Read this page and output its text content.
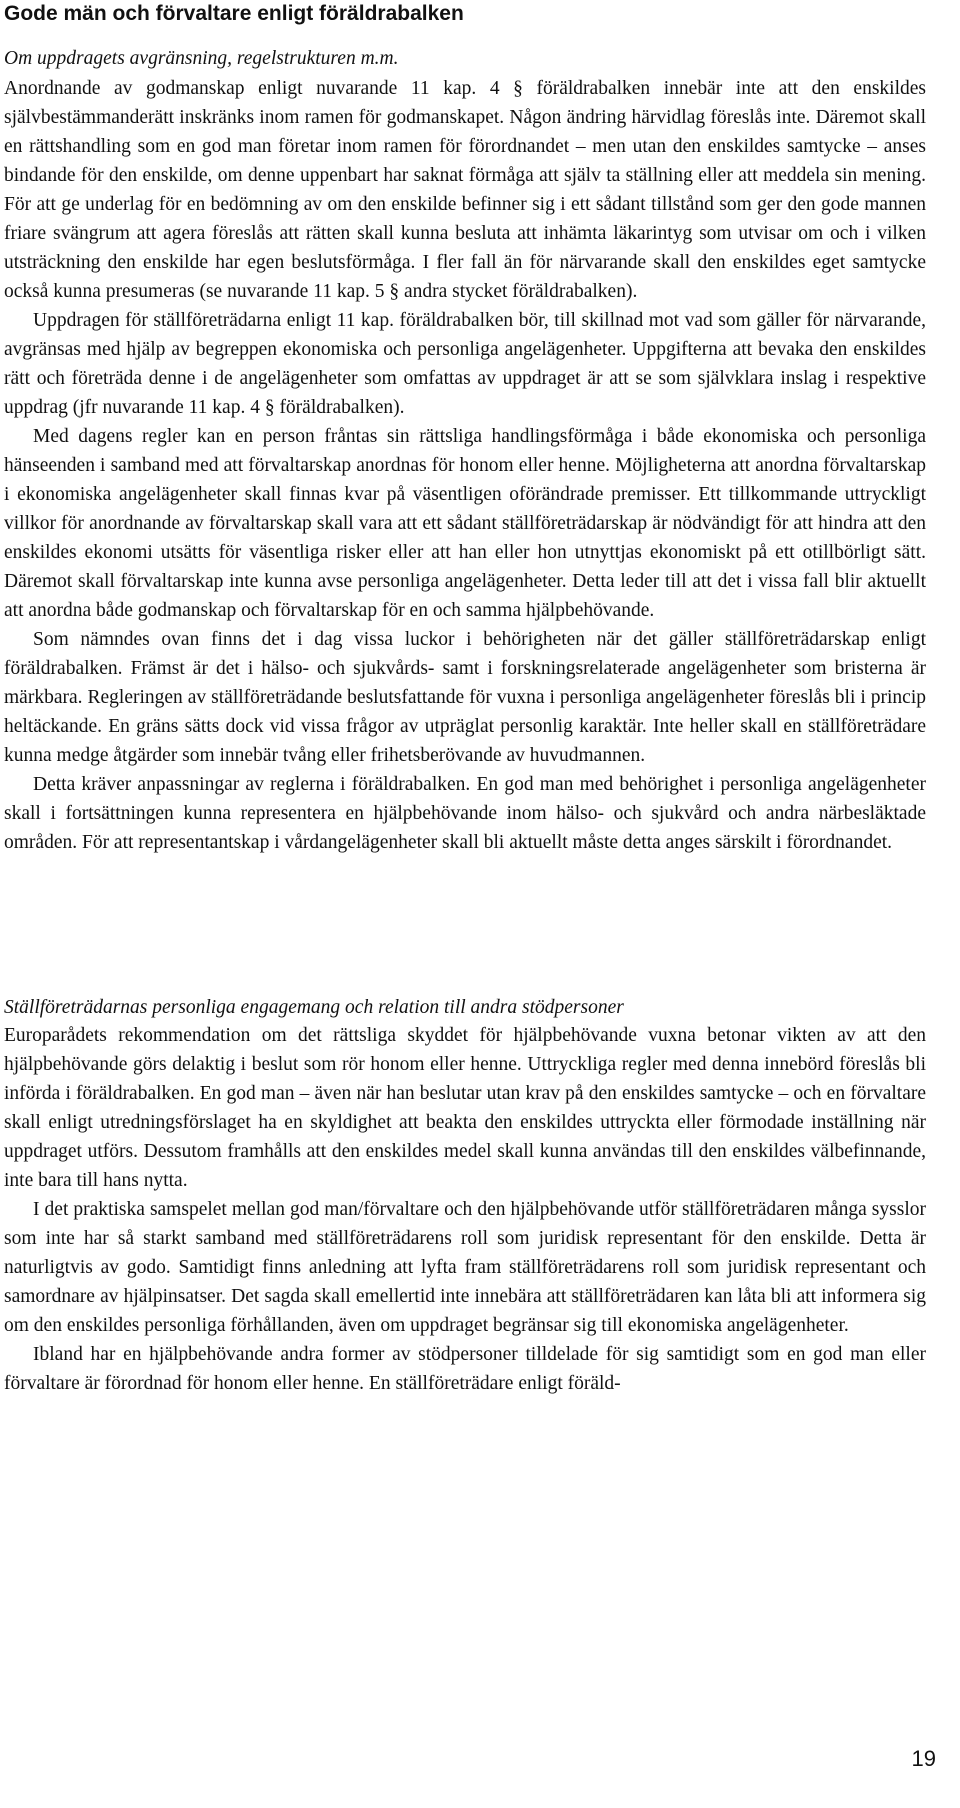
Gode män och förvaltare enligt föräldrabalken
Om uppdragets avgränsning, regelstrukturen m.m.

Anordnande av godmanskap enligt nuvarande 11 kap. 4 § föräldrabalken innebär inte att den enskildes självbestämmanderätt inskränks inom ramen för godmanskapet. Någon ändring härvidlag föreslås inte. Däremot skall en rättshandling som en god man företar inom ramen för förordnandet – men utan den enskildes samtycke – anses bindande för den enskilde, om denne uppenbart har saknat förmåga att själv ta ställning eller att meddela sin mening. För att ge underlag för en bedömning av om den enskilde befinner sig i ett sådant tillstånd som ger den gode mannen friare svängrum att agera föreslås att rätten skall kunna besluta att inhämta läkarintyg som utvisar om och i vilken utsträckning den enskilde har egen beslutsförmåga. I fler fall än för närvarande skall den enskildes eget samtycke också kunna presumeras (se nuvarande 11 kap. 5 § andra stycket föräldrabalken).

Uppdragen för ställföreträdarna enligt 11 kap. föräldrabalken bör, till skillnad mot vad som gäller för närvarande, avgränsas med hjälp av begreppen ekonomiska och personliga angelägenheter. Uppgifterna att bevaka den enskildes rätt och företräda denne i de angelägenheter som omfattas av uppdraget är att se som självklara inslag i respektive uppdrag (jfr nuvarande 11 kap. 4 § föräldrabalken).

Med dagens regler kan en person fråntas sin rättsliga handlingsförmåga i både ekonomiska och personliga hänseenden i samband med att förvaltarskap anordnas för honom eller henne. Möjligheterna att anordna förvaltarskap i ekonomiska angelägenheter skall finnas kvar på väsentligen oförändrade premisser. Ett tillkommande uttryckligt villkor för anordnande av förvaltarskap skall vara att ett sådant ställföreträdarskap är nödvändigt för att hindra att den enskildes ekonomi utsätts för väsentliga risker eller att han eller hon utnyttjas ekonomiskt på ett otillbörligt sätt. Däremot skall förvaltarskap inte kunna avse personliga angelägenheter. Detta leder till att det i vissa fall blir aktuellt att anordna både godmanskap och förvaltarskap för en och samma hjälpbehövande.

Som nämndes ovan finns det i dag vissa luckor i behörigheten när det gäller ställföreträdarskap enligt föräldrabalken. Främst är det i hälso- och sjukvårds- samt i forskningsrelaterade angelägenheter som bristerna är märkbara. Regleringen av ställföreträdande beslutsfattande för vuxna i personliga angelägenheter föreslås bli i princip heltäckande. En gräns sätts dock vid vissa frågor av utpräglat personlig karaktär. Inte heller skall en ställföreträdare kunna medge åtgärder som innebär tvång eller frihetsberövande av huvudmannen.

Detta kräver anpassningar av reglerna i föräldrabalken. En god man med behörighet i personliga angelägenheter skall i fortsättningen kunna representera en hjälpbehövande inom hälso- och sjukvård och andra närbesläktade områden. För att representantskap i vårdangelägenheter skall bli aktuellt måste detta anges särskilt i förordnandet.

Ställföreträdarnas personliga engagemang och relation till andra stödpersoner

Europarådets rekommendation om det rättsliga skyddet för hjälpbehövande vuxna betonar vikten av att den hjälpbehövande görs delaktig i beslut som rör honom eller henne. Uttryckliga regler med denna innebörd föreslås bli införda i föräldrabalken. En god man – även när han beslutar utan krav på den enskildes samtycke – och en förvaltare skall enligt utredningsförslaget ha en skyldighet att beakta den enskildes uttryckta eller förmodade inställning när uppdraget utförs. Dessutom framhålls att den enskildes medel skall kunna användas till den enskildes välbefinnande, inte bara till hans nytta.

I det praktiska samspelet mellan god man/förvaltare och den hjälpbehövande utför ställföreträdaren många sysslor som inte har så starkt samband med ställföreträdarens roll som juridisk representant för den enskilde. Detta är naturligtvis av godo. Samtidigt finns anledning att lyfta fram ställföreträdarens roll som juridisk representant och samordnare av hjälpinsatser. Det sagda skall emellertid inte innebära att ställföreträdaren kan låta bli att informera sig om den enskildes personliga förhållanden, även om uppdraget begränsar sig till ekonomiska angelägenheter.

Ibland har en hjälpbehövande andra former av stödpersoner tilldelade för sig samtidigt som en god man eller förvaltare är förordnad för honom eller henne. En ställföreträdare enligt föräld-

19
